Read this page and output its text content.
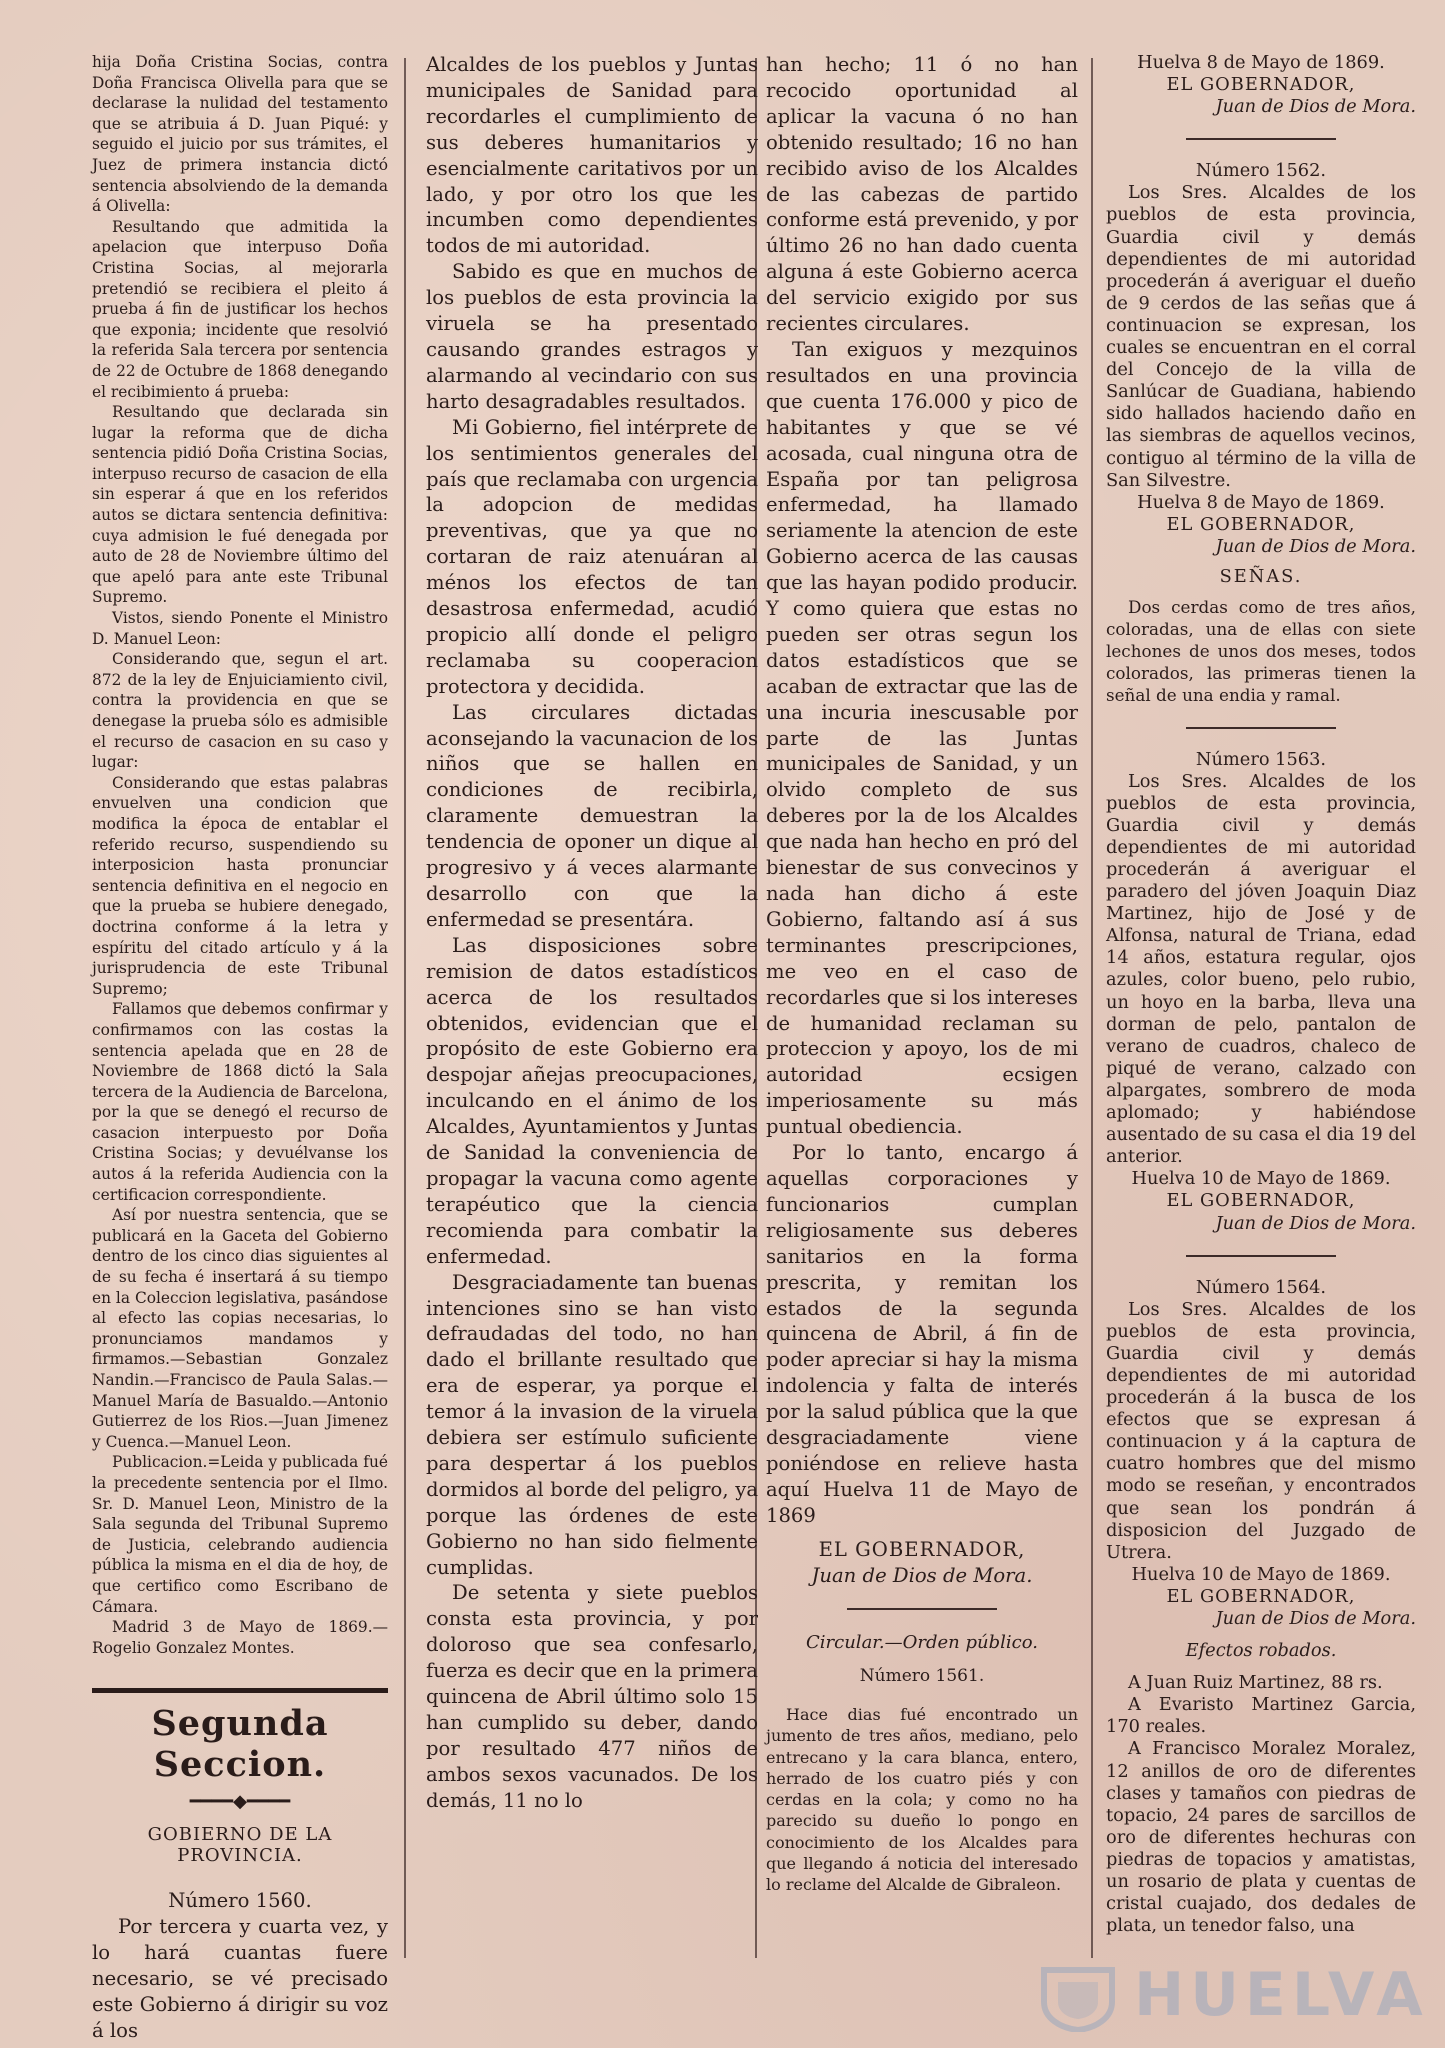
hija Doña Cristina Socias, contra Doña Francisca Olivella para que se declarase la nulidad del testamento que se atribuia á D. Juan Piqué: y seguido el juicio por sus trámites, el Juez de primera instancia dictó sentencia absolviendo de la demanda á Olivella:

Resultando que admitida la apelacion que interpuso Doña Cristina Socias, al mejorarla pretendió se recibiera el pleito á prueba á fin de justificar los hechos que exponia; incidente que resolvió la referida Sala tercera por sentencia de 22 de Octubre de 1868 denegando el recibimiento á prueba:

Resultando que declarada sin lugar la reforma que de dicha sentencia pidió Doña Cristina Socias, interpuso recurso de casacion de ella sin esperar á que en los referidos autos se dictara sentencia definitiva: cuya admision le fué denegada por auto de 28 de Noviembre último del que apeló para ante este Tribunal Supremo.

Vistos, siendo Ponente el Ministro D. Manuel Leon:

Considerando que, segun el art. 872 de la ley de Enjuiciamiento civil, contra la providencia en que se denegase la prueba sólo es admisible el recurso de casacion en su caso y lugar:

Considerando que estas palabras envuelven una condicion que modifica la época de entablar el referido recurso, suspendiendo su interposicion hasta pronunciar sentencia definitiva en el negocio en que la prueba se hubiere denegado, doctrina conforme á la letra y espíritu del citado artículo y á la jurisprudencia de este Tribunal Supremo;

Fallamos que debemos confirmar y confirmamos con las costas la sentencia apelada que en 28 de Noviembre de 1868 dictó la Sala tercera de la Audiencia de Barcelona, por la que se denegó el recurso de casacion interpuesto por Doña Cristina Socias; y devuélvanse los autos á la referida Audiencia con la certificacion correspondiente.

Así por nuestra sentencia, que se publicará en la Gaceta del Gobierno dentro de los cinco dias siguientes al de su fecha é insertará á su tiempo en la Coleccion legislativa, pasándose al efecto las copias necesarias, lo pronunciamos mandamos y firmamos.—Sebastian Gonzalez Nandin.—Francisco de Paula Salas.—Manuel María de Basualdo.—Antonio Gutierrez de los Rios.—Juan Jimenez y Cuenca.—Manuel Leon.

Publicacion.=Leida y publicada fué la precedente sentencia por el Ilmo. Sr. D. Manuel Leon, Ministro de la Sala segunda del Tribunal Supremo de Justicia, celebrando audiencia pública la misma en el dia de hoy, de que certifico como Escribano de Cámara.

Madrid 3 de Mayo de 1869.—Rogelio Gonzalez Montes.

Segunda Seccion.
━━━━◆━━━━
GOBIERNO DE LA PROVINCIA.

Número 1560.

Por tercera y cuarta vez, y lo hará cuantas fuere necesario, se vé precisado este Gobierno á dirigir su voz á los

Alcaldes de los pueblos y Juntas municipales de Sanidad para recordarles el cumplimiento de sus deberes humanitarios y esencialmente caritativos por un lado, y por otro los que les incumben como dependientes todos de mi autoridad.

Sabido es que en muchos de los pueblos de esta provincia la viruela se ha presentado causando grandes estragos y alarmando al vecindario con sus harto desagradables resultados.

Mi Gobierno, fiel intérprete de los sentimientos generales del país que reclamaba con urgencia la adopcion de medidas preventivas, que ya que no cortaran de raiz atenuáran al ménos los efectos de tan desastrosa enfermedad, acudió propicio allí donde el peligro reclamaba su cooperacion protectora y decidida.

Las circulares dictadas aconsejando la vacunacion de los niños que se hallen en condiciones de recibirla, claramente demuestran la tendencia de oponer un dique al progresivo y á veces alarmante desarrollo con que la enfermedad se presentára.

Las disposiciones sobre remision de datos estadísticos acerca de los resultados obtenidos, evidencian que el propósito de este Gobierno era despojar añejas preocupaciones, inculcando en el ánimo de los Alcaldes, Ayuntamientos y Juntas de Sanidad la conveniencia de propagar la vacuna como agente terapéutico que la ciencia recomienda para combatir la enfermedad.

Desgraciadamente tan buenas intenciones sino se han visto defraudadas del todo, no han dado el brillante resultado que era de esperar, ya porque el temor á la invasion de la viruela debiera ser estímulo suficiente para despertar á los pueblos dormidos al borde del peligro, ya porque las órdenes de este Gobierno no han sido fielmente cumplidas.

De setenta y siete pueblos consta esta provincia, y por doloroso que sea confesarlo, fuerza es decir que en la primera quincena de Abril último solo 15 han cumplido su deber, dando por resultado 477 niños de ambos sexos vacunados. De los demás, 11 no lo

han hecho; 11 ó no han recocido oportunidad al aplicar la vacuna ó no han obtenido resultado; 16 no han recibido aviso de los Alcaldes de las cabezas de partido conforme está prevenido, y por último 26 no han dado cuenta alguna á este Gobierno acerca del servicio exigido por sus recientes circulares.

Tan exiguos y mezquinos resultados en una provincia que cuenta 176.000 y pico de habitantes y que se vé acosada, cual ninguna otra de España por tan peligrosa enfermedad, ha llamado seriamente la atencion de este Gobierno acerca de las causas que las hayan podido producir. Y como quiera que estas no pueden ser otras segun los datos estadísticos que se acaban de extractar que las de una incuria inescusable por parte de las Juntas municipales de Sanidad, y un olvido completo de sus deberes por la de los Alcaldes que nada han hecho en pró del bienestar de sus convecinos y nada han dicho á este Gobierno, faltando así á sus terminantes prescripciones, me veo en el caso de recordarles que si los intereses de humanidad reclaman su proteccion y apoyo, los de mi autoridad ecsigen imperiosamente su más puntual obediencia.

Por lo tanto, encargo á aquellas corporaciones y funcionarios cumplan religiosamente sus deberes sanitarios en la forma prescrita, y remitan los estados de la segunda quincena de Abril, á fin de poder apreciar si hay la misma indolencia y falta de interés por la salud pública que la que desgraciadamente viene poniéndose en relieve hasta aquí Huelva 11 de Mayo de 1869

EL GOBERNADOR,

Juan de Dios de Mora.

Circular.—Orden público.

Número 1561.

Hace dias fué encontrado un jumento de tres años, mediano, pelo entrecano y la cara blanca, entero, herrado de los cuatro piés y con cerdas en la cola; y como no ha parecido su dueño lo pongo en conocimiento de los Alcaldes para que llegando á noticia del interesado lo reclame del Alcalde de Gibraleon.

Huelva 8 de Mayo de 1869.

EL GOBERNADOR,

Juan de Dios de Mora.

Número 1562.

Los Sres. Alcaldes de los pueblos de esta provincia, Guardia civil y demás dependientes de mi autoridad procederán á averiguar el dueño de 9 cerdos de las señas que á continuacion se expresan, los cuales se encuentran en el corral del Concejo de la villa de Sanlúcar de Guadiana, habiendo sido hallados haciendo daño en las siembras de aquellos vecinos, contiguo al término de la villa de San Silvestre.

Huelva 8 de Mayo de 1869.

EL GOBERNADOR,

Juan de Dios de Mora.

SEÑAS.

Dos cerdas como de tres años, coloradas, una de ellas con siete lechones de unos dos meses, todos colorados, las primeras tienen la señal de una endia y ramal.

Número 1563.

Los Sres. Alcaldes de los pueblos de esta provincia, Guardia civil y demás dependientes de mi autoridad procederán á averiguar el paradero del jóven Joaquin Diaz Martinez, hijo de José y de Alfonsa, natural de Triana, edad 14 años, estatura regular, ojos azules, color bueno, pelo rubio, un hoyo en la barba, lleva una dorman de pelo, pantalon de verano de cuadros, chaleco de piqué de verano, calzado con alpargates, sombrero de moda aplomado; y habiéndose ausentado de su casa el dia 19 del anterior.

Huelva 10 de Mayo de 1869.

EL GOBERNADOR,

Juan de Dios de Mora.

Número 1564.

Los Sres. Alcaldes de los pueblos de esta provincia, Guardia civil y demás dependientes de mi autoridad procederán á la busca de los efectos que se expresan á continuacion y á la captura de cuatro hombres que del mismo modo se reseñan, y encontrados que sean los pondrán á disposicion del Juzgado de Utrera.

Huelva 10 de Mayo de 1869.

EL GOBERNADOR,

Juan de Dios de Mora.

Efectos robados.

A Juan Ruiz Martinez, 88 rs.

A Evaristo Martinez Garcia, 170 reales.

A Francisco Moralez Moralez, 12 anillos de oro de diferentes clases y tamaños con piedras de topacio, 24 pares de sarcillos de oro de diferentes hechuras con piedras de topacios y amatistas, un rosario de plata y cuentas de cristal cuajado, dos dedales de plata, un tenedor falso, una

HUELVA
